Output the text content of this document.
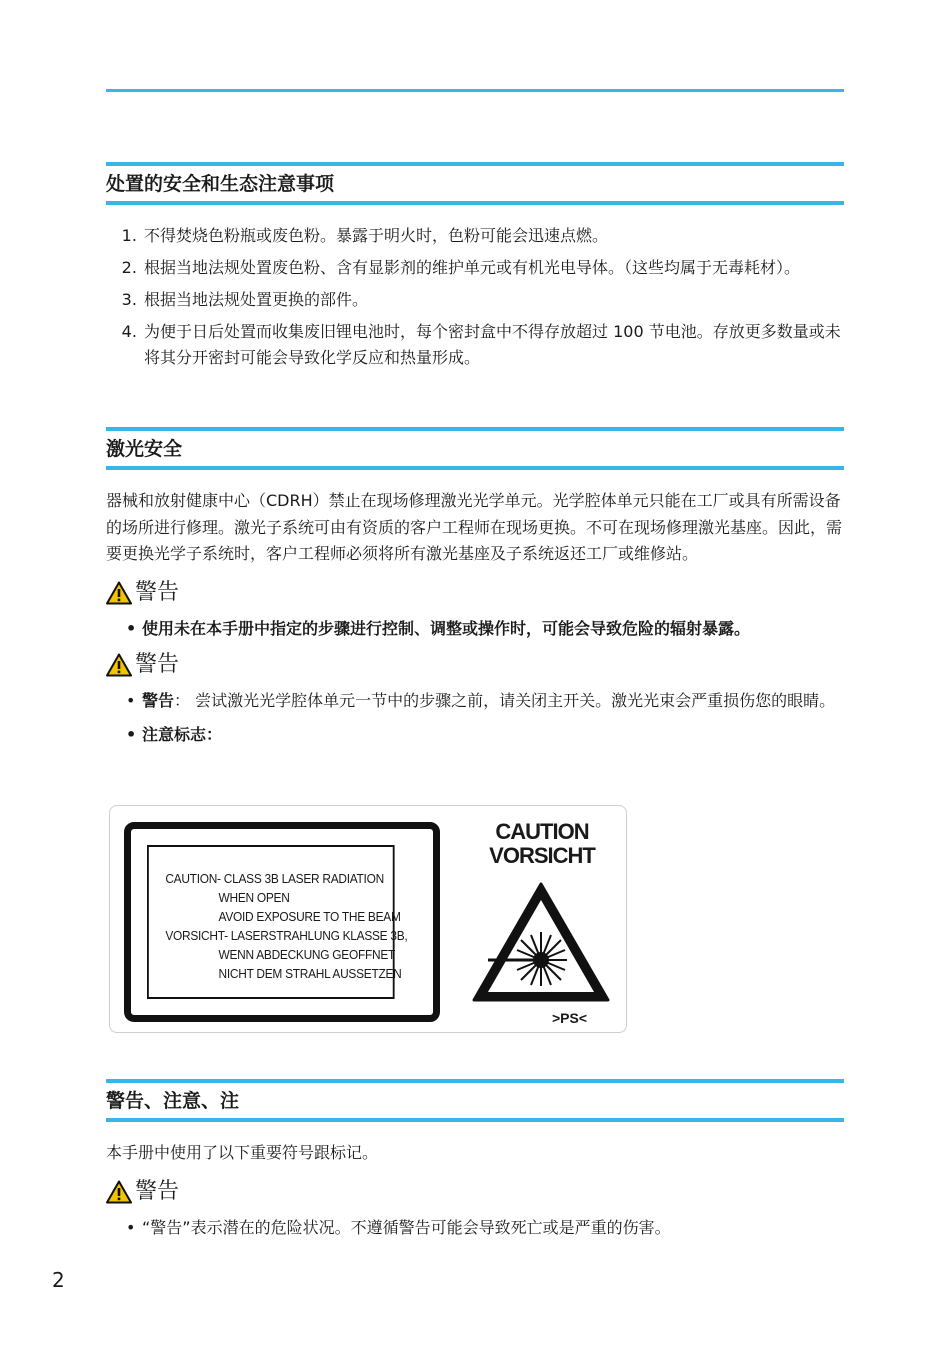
处置的安全和生态注意事项
1. 不得焚烧色粉瓶或废色粉。暴露于明火时，色粉可能会迅速点燃。
2. 根据当地法规处置废色粉、含有显影剂的维护单元或有机光电导体。（这些均属于无毒耗材）。
3. 根据当地法规处置更换的部件。
4. 为便于日后处置而收集废旧锂电池时，每个密封盒中不得存放超过 100 节电池。存放更多数量或未将其分开密封可能会导致化学反应和热量形成。
激光安全

器械和放射健康中心（CDRH）禁止在现场修理激光光学单元。光学腔体单元只能在工厂或具有所需设备的场所进行修理。激光子系统可由有资质的客户工程师在现场更换。不可在现场修理激光基座。因此，需要更换光学子系统时，客户工程师必须将所有激光基座及子系统返还工厂或维修站。

警告
• 使用未在本手册中指定的步骤进行控制、调整或操作时，可能会导致危险的辐射暴露。
警告
• 警告： 尝试激光光学腔体单元一节中的步骤之前，请关闭主开关。激光光束会严重损伤您的眼睛。
• 注意标志：
CAUTION- CLASS 3B LASER RADIATION
WHEN OPEN
AVOID EXPOSURE TO THE BEAM
VORSICHT- LASERSTRAHLUNG KLASSE 3B,
WENN ABDECKUNG GEOFFNET
NICHT DEM STRAHL AUSSETZEN
CAUTION
VORSICHT
>PS<
警告、注意、注

本手册中使用了以下重要符号跟标记。

警告
• “警告”表示潜在的危险状况。不遵循警告可能会导致死亡或是严重的伤害。
2
